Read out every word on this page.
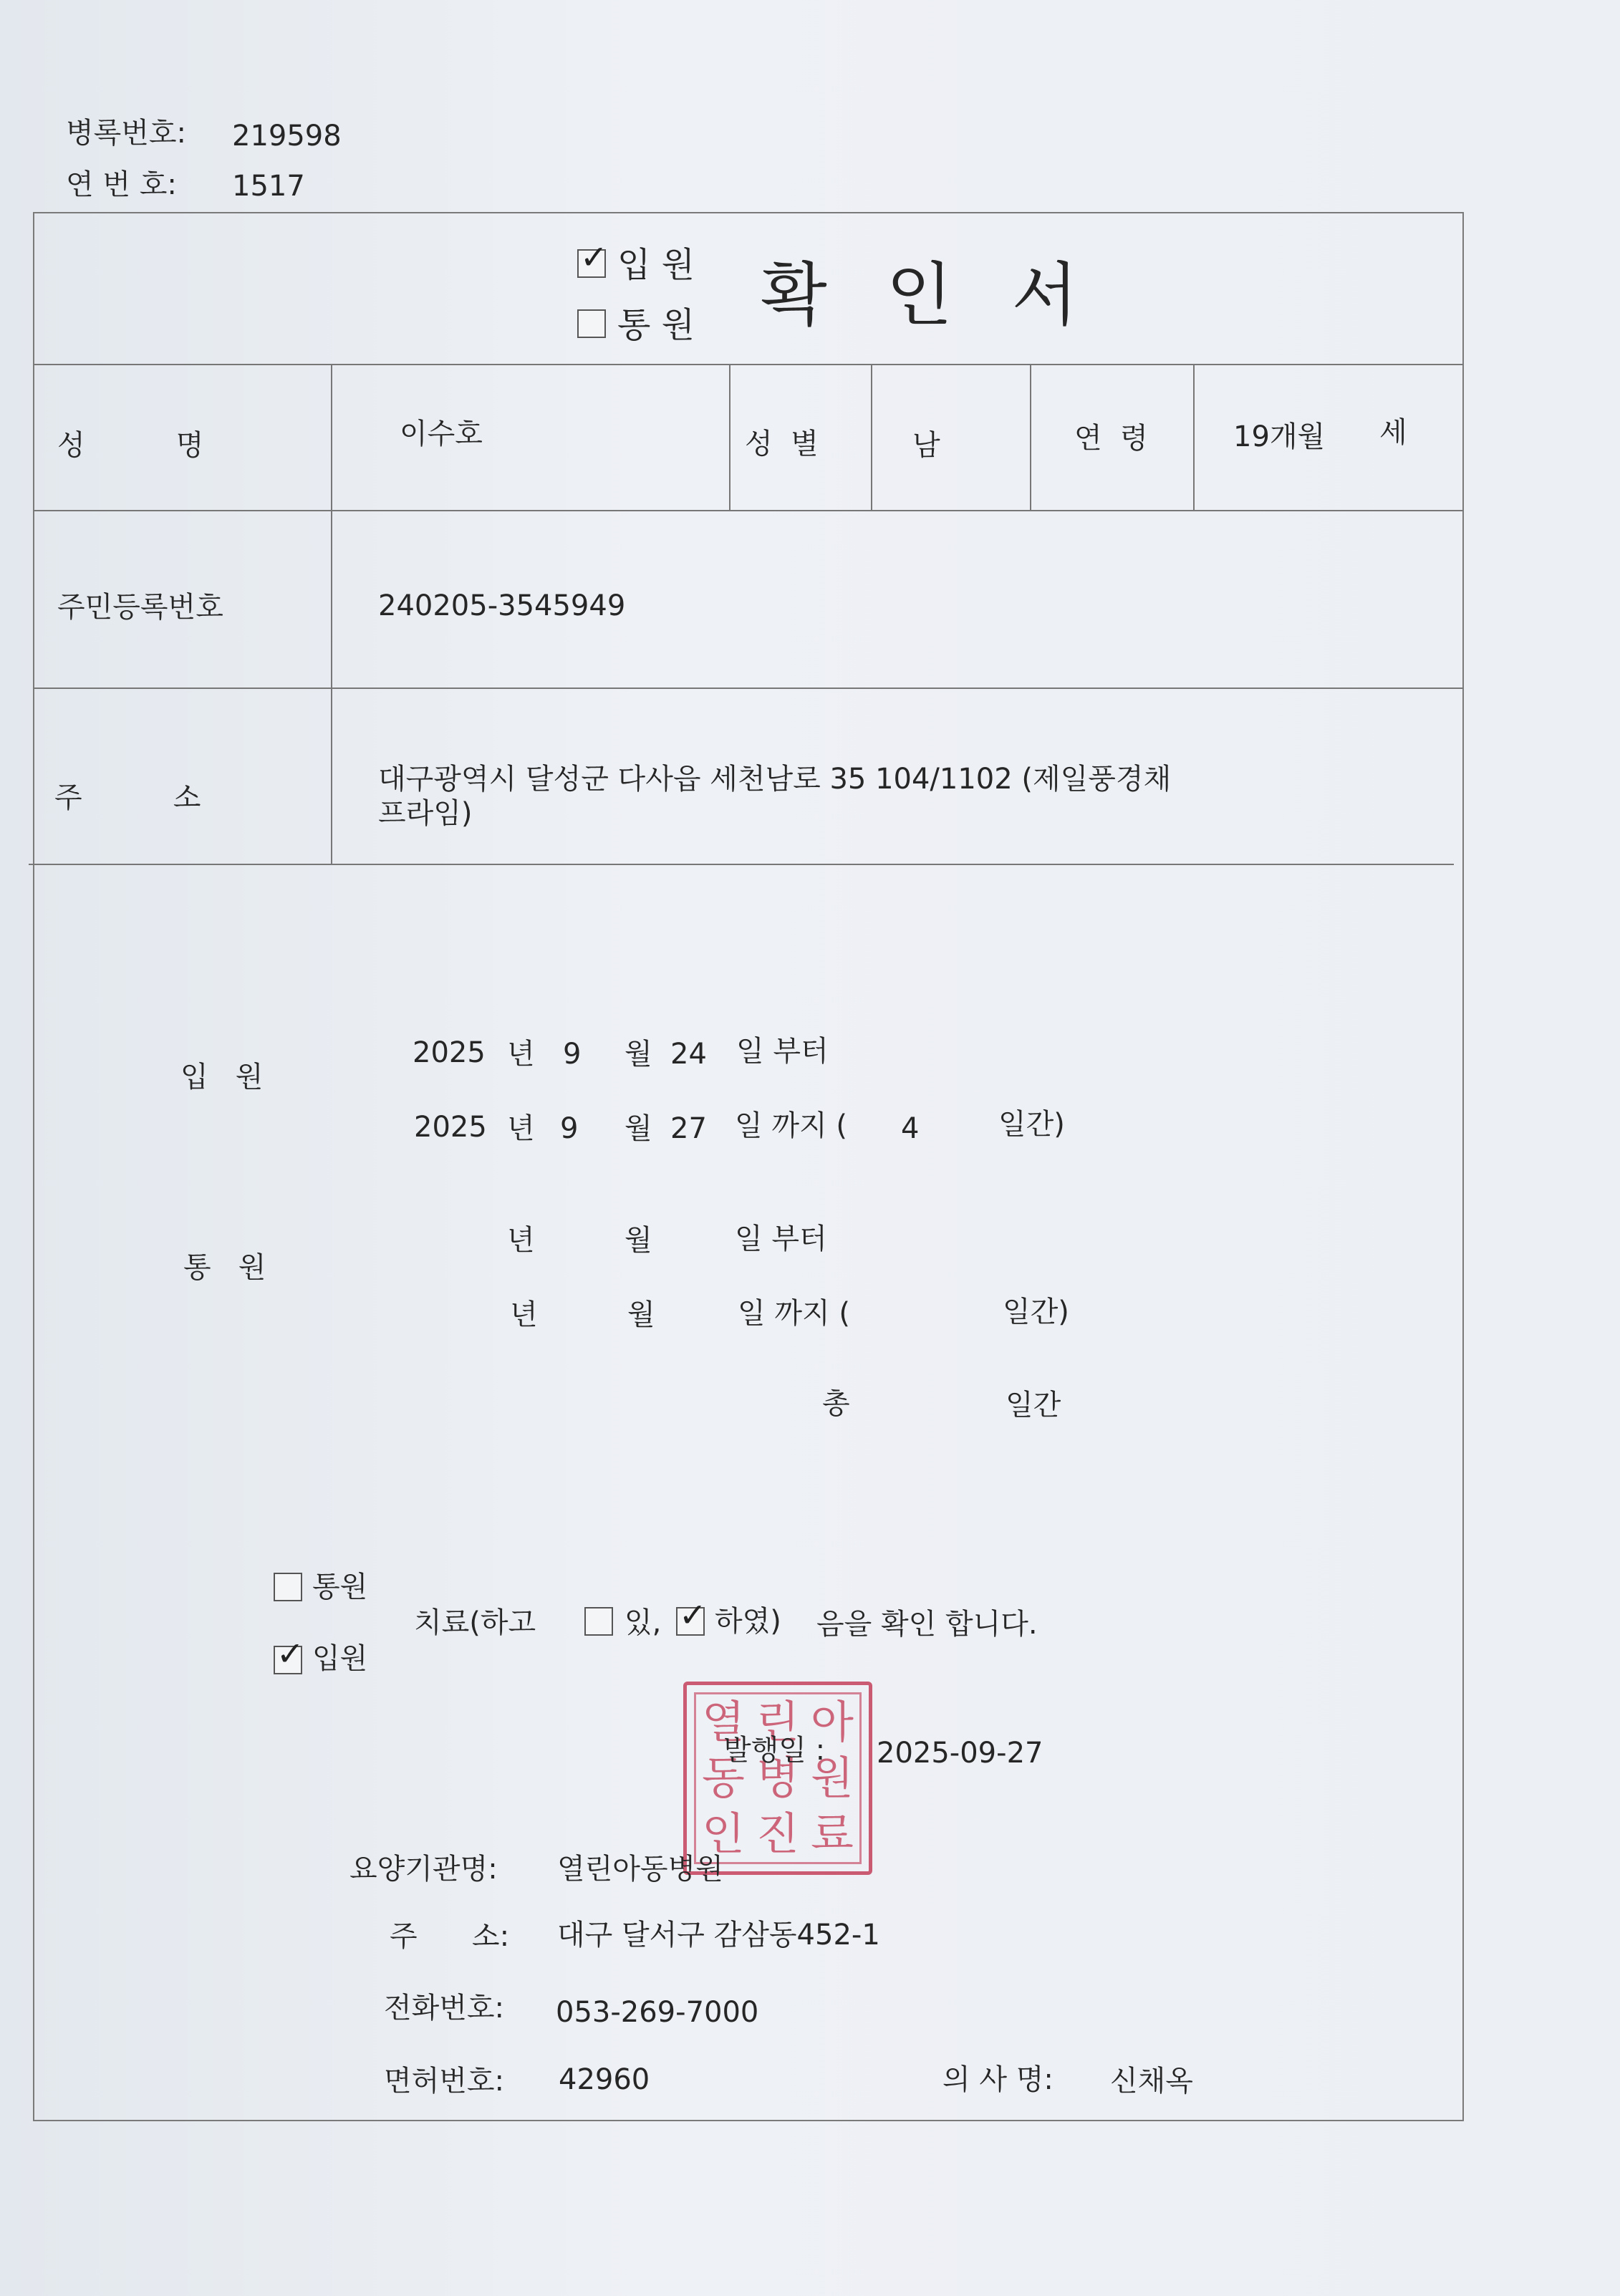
병록번호: 219598
연 번 호: 1517
✓ 입 원
통 원 확 인 서
성          명	이수호	성  별	남	연  령	19개월 세
주민등록번호	240205-3545949
주          소
대구광역시 달성군 다사읍 세천남로 35 104/1102 (제일풍경채
프라임)
입   원
2025 년 9 월 24 일 부터
2025 년 9 월 27 일 까지 ( 4	일간)
통   원
년	월	일 부터
년	월	일 까지 (	일간)
총	일간
통원
✓ 입원
치료(하고	있, ✓ 하였) 음을 확인 합니다.
열 린 아
동 병 원
인 진 료
발행일 : 2025-09-27
요양기관명: 열린아동병원
주      소: 대구 달서구 감삼동452-1
전화번호: 053-269-7000
면허번호: 42960	의 사 명: 신채옥
